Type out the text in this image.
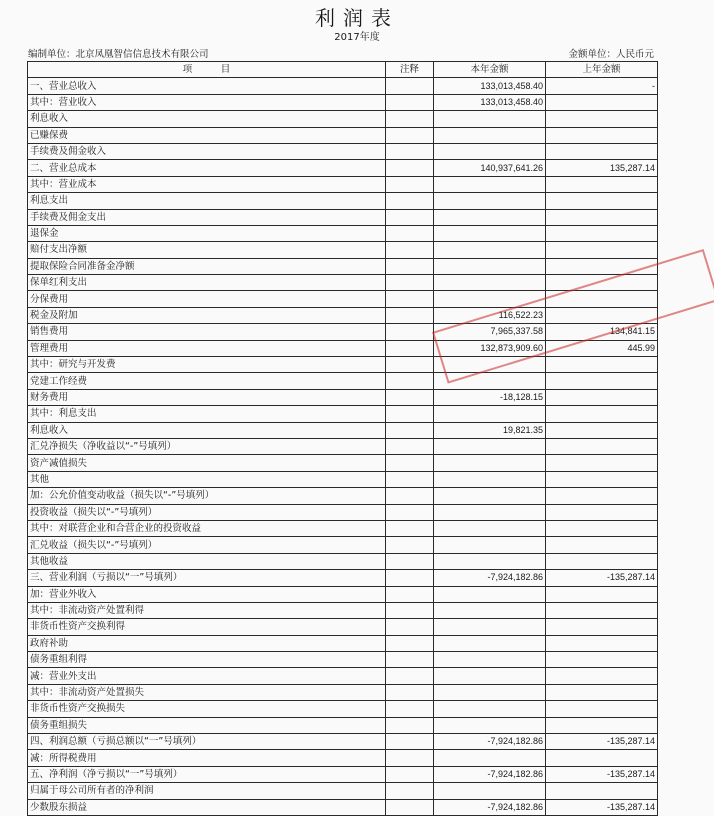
利润表
2017年度
编制单位：北京凤凰智信信息技术有限公司	金额单位：人民币元
项　　　目	注释	本年金额	上年金额
一、营业总收入		133,013,458.40	-
其中：营业收入		133,013,458.40	
利息收入			
已赚保费			
手续费及佣金收入			
二、营业总成本		140,937,641.26	135,287.14
其中：营业成本			
利息支出			
手续费及佣金支出			
退保金			
赔付支出净额			
提取保险合同准备金净额			
保单红利支出			
分保费用			
税金及附加		116,522.23	
销售费用		7,965,337.58	134,841.15
管理费用		132,873,909.60	445.99
其中：研究与开发费			
党建工作经费			
财务费用		-18,128.15	
其中：利息支出			
利息收入		19,821.35	
汇兑净损失（净收益以“-”号填列）			
资产减值损失			
其他			
加：公允价值变动收益（损失以“-”号填列）			
投资收益（损失以“-”号填列）			
其中：对联营企业和合营企业的投资收益			
汇兑收益（损失以“-”号填列）			
其他收益			
三、营业利润（亏损以“一”号填列）		-7,924,182.86	-135,287.14
加：营业外收入			
其中：非流动资产处置利得			
非货币性资产交换利得			
政府补助			
债务重组利得			
减：营业外支出			
其中：非流动资产处置损失			
非货币性资产交换损失			
债务重组损失			
四、利润总额（亏损总额以“一”号填列）		-7,924,182.86	-135,287.14
减：所得税费用			
五、净利润（净亏损以“一”号填列）		-7,924,182.86	-135,287.14
归属于母公司所有者的净利润			
少数股东损益		-7,924,182.86	-135,287.14
